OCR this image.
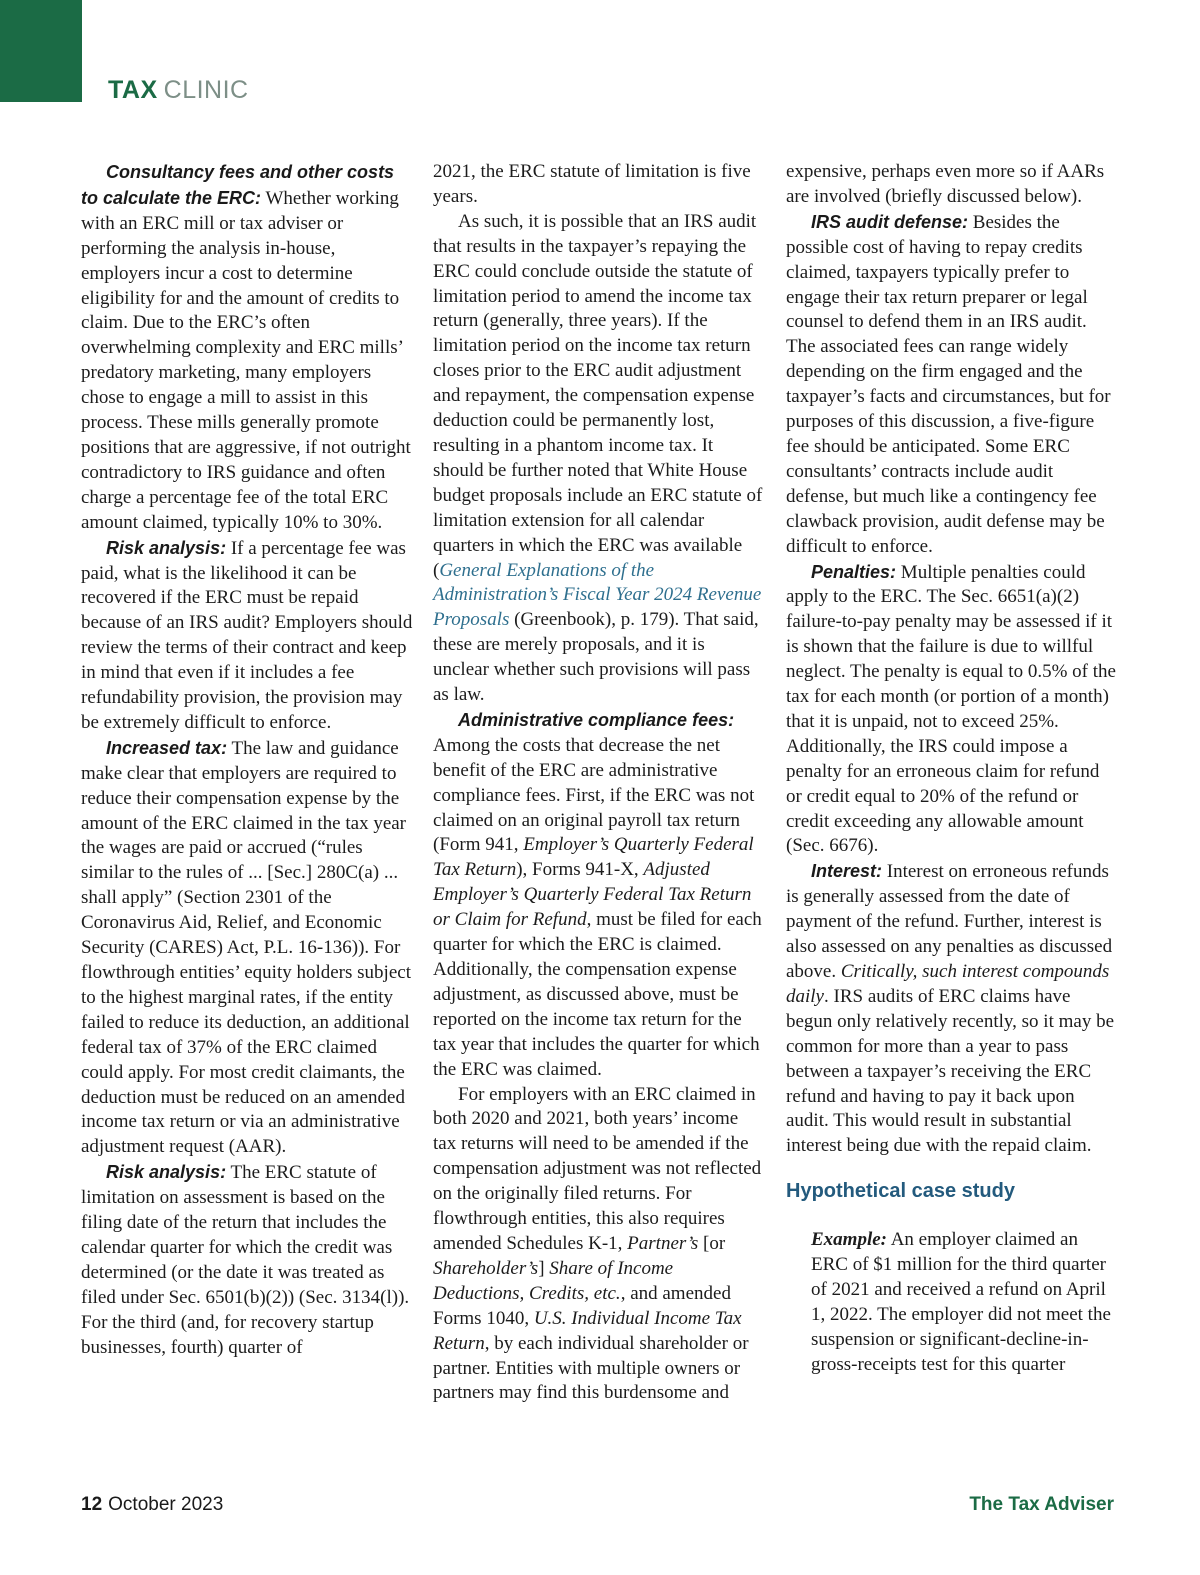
TAX CLINIC

Consultancy fees and other costs to calculate the ERC: Whether working with an ERC mill or tax adviser or performing the analysis in-house, employers incur a cost to determine eligibility for and the amount of credits to claim. Due to the ERC’s often overwhelming complexity and ERC mills’ predatory marketing, many employers chose to engage a mill to assist in this process. These mills generally promote positions that are aggressive, if not outright contradictory to IRS guidance and often charge a percentage fee of the total ERC amount claimed, typically 10% to 30%.

Risk analysis: If a percentage fee was paid, what is the likelihood it can be recovered if the ERC must be repaid because of an IRS audit? Employers should review the terms of their contract and keep in mind that even if it includes a fee refundability provision, the provision may be extremely difficult to enforce.

Increased tax: The law and guidance make clear that employers are required to reduce their compensation expense by the amount of the ERC claimed in the tax year the wages are paid or accrued (“rules similar to the rules of ... [Sec.] 280C(a) ... shall apply” (Section 2301 of the Coronavirus Aid, Relief, and Economic Security (CARES) Act, P.L. 16-136)). For flowthrough entities’ equity holders subject to the highest marginal rates, if the entity failed to reduce its deduction, an additional federal tax of 37% of the ERC claimed could apply. For most credit claimants, the deduction must be reduced on an amended income tax return or via an administrative adjustment request (AAR).

Risk analysis: The ERC statute of limitation on assessment is based on the filing date of the return that includes the calendar quarter for which the credit was determined (or the date it was treated as filed under Sec. 6501(b)(2)) (Sec. 3134(l)). For the third (and, for recovery startup businesses, fourth) quarter of

2021, the ERC statute of limitation is five years.

As such, it is possible that an IRS audit that results in the taxpayer’s repaying the ERC could conclude outside the statute of limitation period to amend the income tax return (generally, three years). If the limitation period on the income tax return closes prior to the ERC audit adjustment and repayment, the compensation expense deduction could be permanently lost, resulting in a phantom income tax. It should be further noted that White House budget proposals include an ERC statute of limitation extension for all calendar quarters in which the ERC was available (General Explanations of the Administration’s Fiscal Year 2024 Revenue Proposals (Greenbook), p. 179). That said, these are merely proposals, and it is unclear whether such provisions will pass as law.

Administrative compliance fees: Among the costs that decrease the net benefit of the ERC are administrative compliance fees. First, if the ERC was not claimed on an original payroll tax return (Form 941, Employer’s Quarterly Federal Tax Return), Forms 941-X, Adjusted Employer’s Quarterly Federal Tax Return or Claim for Refund, must be filed for each quarter for which the ERC is claimed. Additionally, the compensation expense adjustment, as discussed above, must be reported on the income tax return for the tax year that includes the quarter for which the ERC was claimed.

For employers with an ERC claimed in both 2020 and 2021, both years’ income tax returns will need to be amended if the compensation adjustment was not reflected on the originally filed returns. For flowthrough entities, this also requires amended Schedules K-1, Partner’s [or Shareholder’s] Share of Income Deductions, Credits, etc., and amended Forms 1040, U.S. Individual Income Tax Return, by each individual shareholder or partner. Entities with multiple owners or partners may find this burdensome and

expensive, perhaps even more so if AARs are involved (briefly discussed below).

IRS audit defense: Besides the possible cost of having to repay credits claimed, taxpayers typically prefer to engage their tax return preparer or legal counsel to defend them in an IRS audit. The associated fees can range widely depending on the firm engaged and the taxpayer’s facts and circumstances, but for purposes of this discussion, a five-figure fee should be anticipated. Some ERC consultants’ contracts include audit defense, but much like a contingency fee clawback provision, audit defense may be difficult to enforce.

Penalties: Multiple penalties could apply to the ERC. The Sec. 6651(a)(2) failure-to-pay penalty may be assessed if it is shown that the failure is due to willful neglect. The penalty is equal to 0.5% of the tax for each month (or portion of a month) that it is unpaid, not to exceed 25%. Additionally, the IRS could impose a penalty for an erroneous claim for refund or credit equal to 20% of the refund or credit exceeding any allowable amount (Sec. 6676).

Interest: Interest on erroneous refunds is generally assessed from the date of payment of the refund. Further, interest is also assessed on any penalties as discussed above. Critically, such interest compounds daily. IRS audits of ERC claims have begun only relatively recently, so it may be common for more than a year to pass between a taxpayer’s receiving the ERC refund and having to pay it back upon audit. This would result in substantial interest being due with the repaid claim.

Hypothetical case study

Example: An employer claimed an ERC of $1 million for the third quarter of 2021 and received a refund on April 1, 2022. The employer did not meet the suspension or significant-decline-in-gross-receipts test for this quarter

12 October 2023	The Tax Adviser
